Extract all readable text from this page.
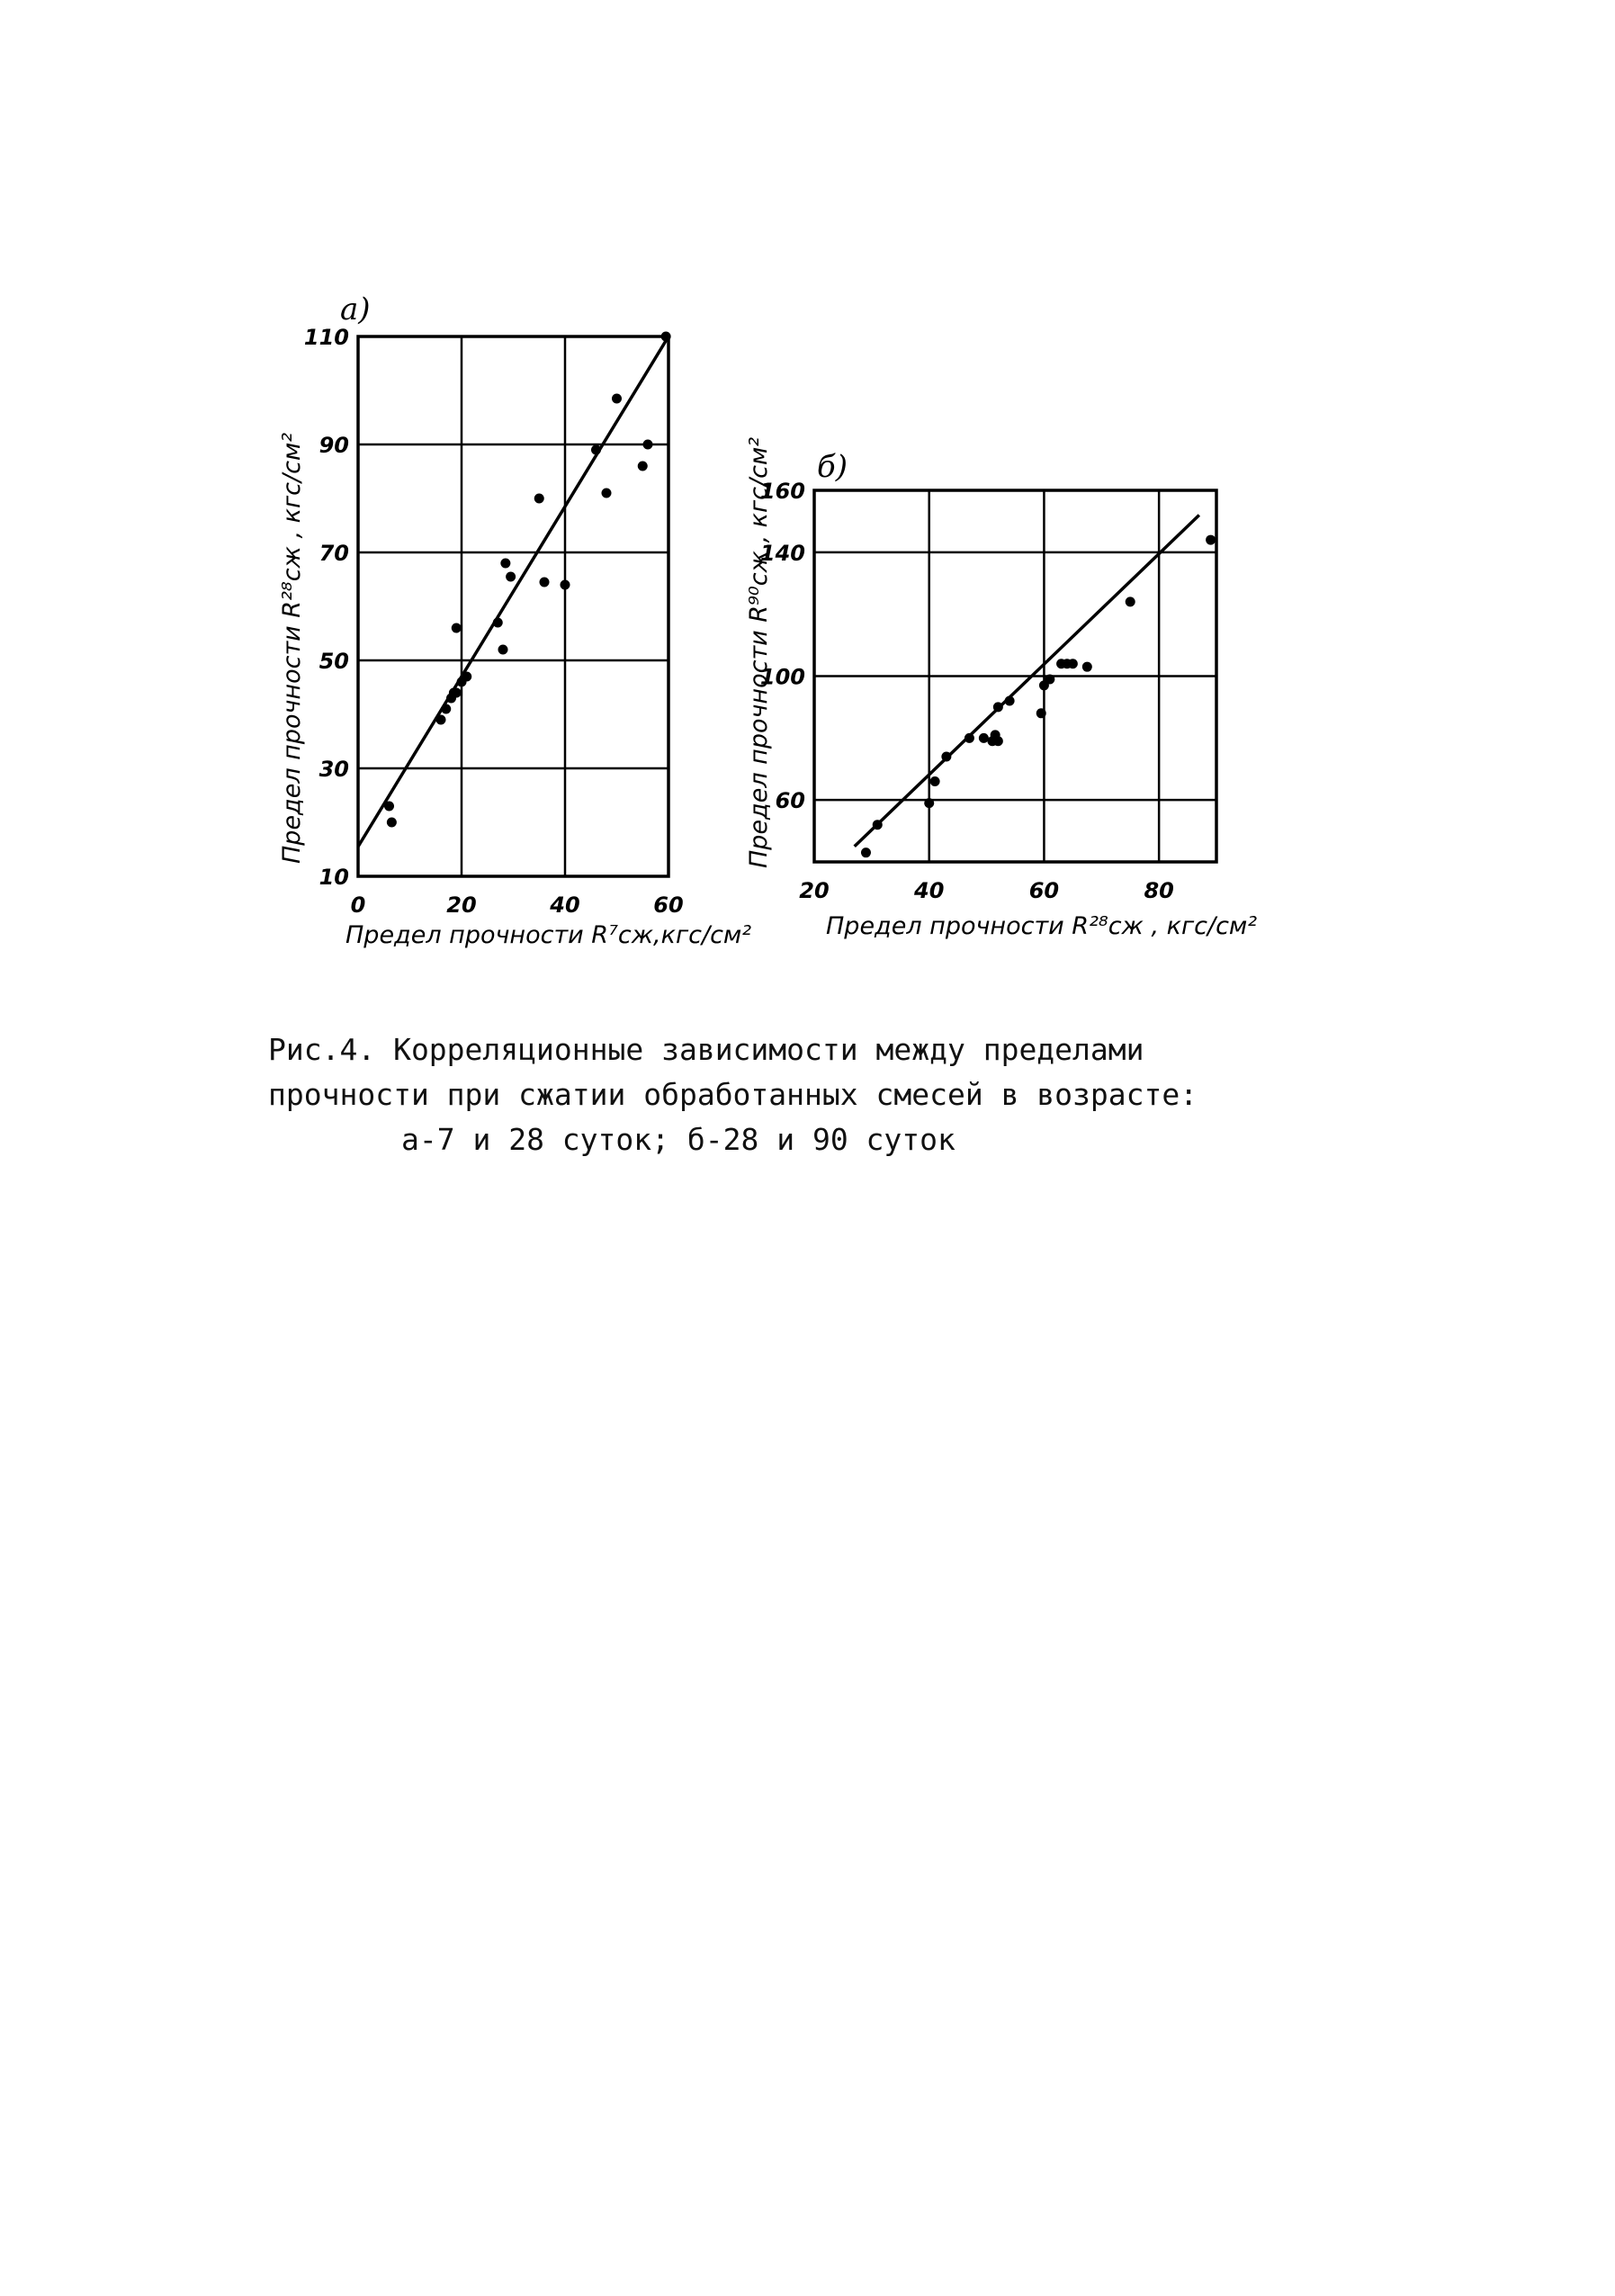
а)
0	20	40	60
10
30
50
70
90
110
Предел прочности R⁷сж,кгс/см²
Предел прочности R²⁸сж , кгс/см²	б)
20	40	60	80
60
100
140
160
Предел прочности R²⁸сж , кгс/см²
Предел прочности R⁹⁰сж , кгс/см²
Рис.4. Корреляционные зависимости между пределами
прочности при сжатии обработанных смесей в возрасте:
а-7 и 28 суток; б-28 и 90 суток
